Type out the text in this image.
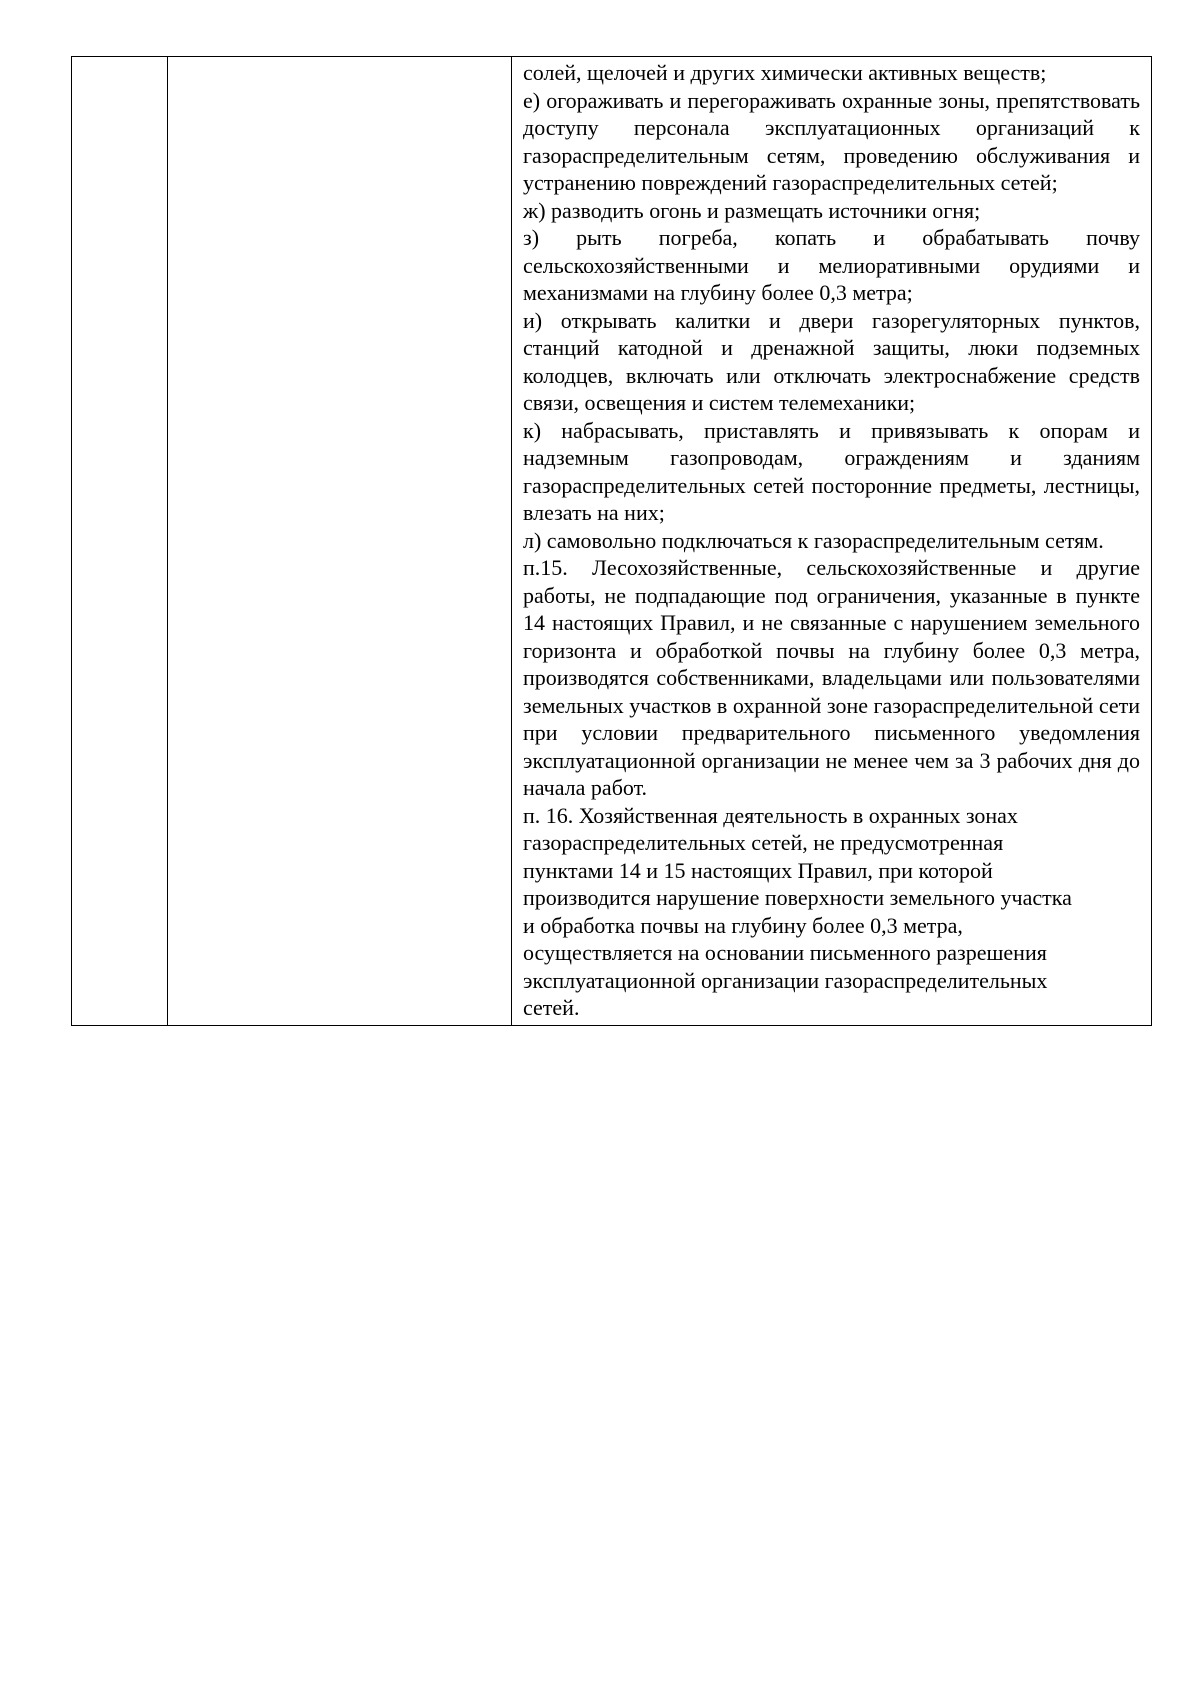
солей, щелочей и других химически активных веществ;

е) огораживать и перегораживать охранные зоны, препятствовать доступу персонала эксплуатационных организаций к газораспределительным сетям, проведению обслуживания и устранению повреждений газораспределительных сетей;

ж) разводить огонь и размещать источники огня;

з) рыть погреба, копать и обрабатывать почву сельскохозяйственными и мелиоративными орудиями и механизмами на глубину более 0,3 метра;

и) открывать калитки и двери газорегуляторных пунктов, станций катодной и дренажной защиты, люки подземных колодцев, включать или отключать электроснабжение средств связи, освещения и систем телемеханики;

к) набрасывать, приставлять и привязывать к опорам и надземным газопроводам, ограждениям и зданиям газораспределительных сетей посторонние предметы, лестницы, влезать на них;

л) самовольно подключаться к газораспределительным сетям.

п.15. Лесохозяйственные, сельскохозяйственные и другие работы, не подпадающие под ограничения, указанные в пункте 14 настоящих Правил, и не связанные с нарушением земельного горизонта и обработкой почвы на глубину более 0,3 метра, производятся собственниками, владельцами или пользователями земельных участков в охранной зоне газораспределительной сети при условии предварительного письменного уведомления эксплуатационной организации не менее чем за 3 рабочих дня до начала работ.

п. 16. Хозяйственная деятельность в охранных зонах
газораспределительных сетей, не предусмотренная
пунктами 14 и 15 настоящих Правил, при которой
производится нарушение поверхности земельного участка
и обработка почвы на глубину более 0,3 метра,
осуществляется на основании письменного разрешения
эксплуатационной организации газораспределительных
сетей.
